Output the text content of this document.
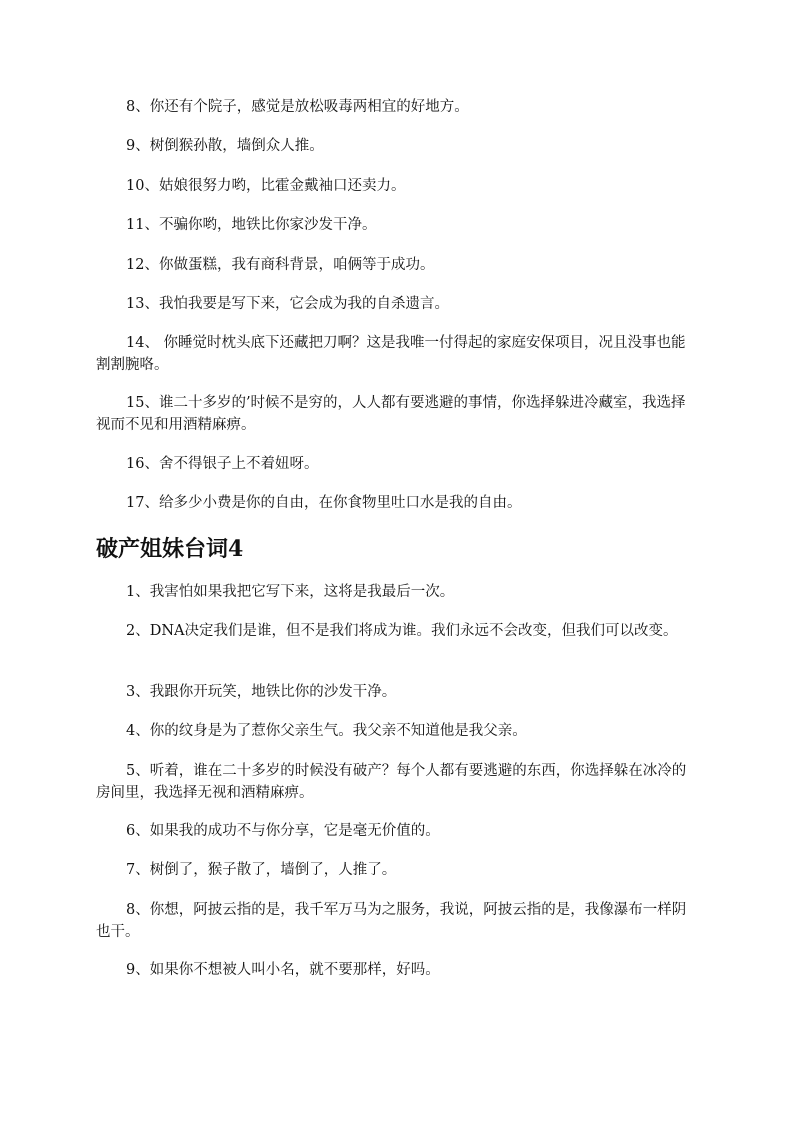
8、你还有个院子，感觉是放松吸毒两相宜的好地方。

9、树倒猴孙散，墙倒众人推。

10、姑娘很努力哟，比霍金戴袖口还卖力。

11、不骗你哟，地铁比你家沙发干净。

12、你做蛋糕，我有商科背景，咱俩等于成功。

13、我怕我要是写下来，它会成为我的自杀遗言。

14、 你睡觉时枕头底下还藏把刀啊？这是我唯一付得起的家庭安保项目，况且没事也能割割腕咯。

15、谁二十多岁的’时候不是穷的，人人都有要逃避的事情，你选择躲进冷藏室，我选择视而不见和用酒精麻痹。

16、舍不得银子上不着妞呀。

17、给多少小费是你的自由，在你食物里吐口水是我的自由。

破产姐妹台词4

1、我害怕如果我把它写下来，这将是我最后一次。

2、DNA决定我们是谁，但不是我们将成为谁。我们永远不会改变，但我们可以改变。

3、我跟你开玩笑，地铁比你的沙发干净。

4、你的纹身是为了惹你父亲生气。我父亲不知道他是我父亲。

5、听着，谁在二十多岁的时候没有破产？每个人都有要逃避的东西，你选择躲在冰冷的房间里，我选择无视和酒精麻痹。

6、如果我的成功不与你分享，它是毫无价值的。

7、树倒了，猴子散了，墙倒了，人推了。

8、你想，阿披云指的是，我千军万马为之服务，我说，阿披云指的是，我像瀑布一样阴也干。

9、如果你不想被人叫小名，就不要那样，好吗。
